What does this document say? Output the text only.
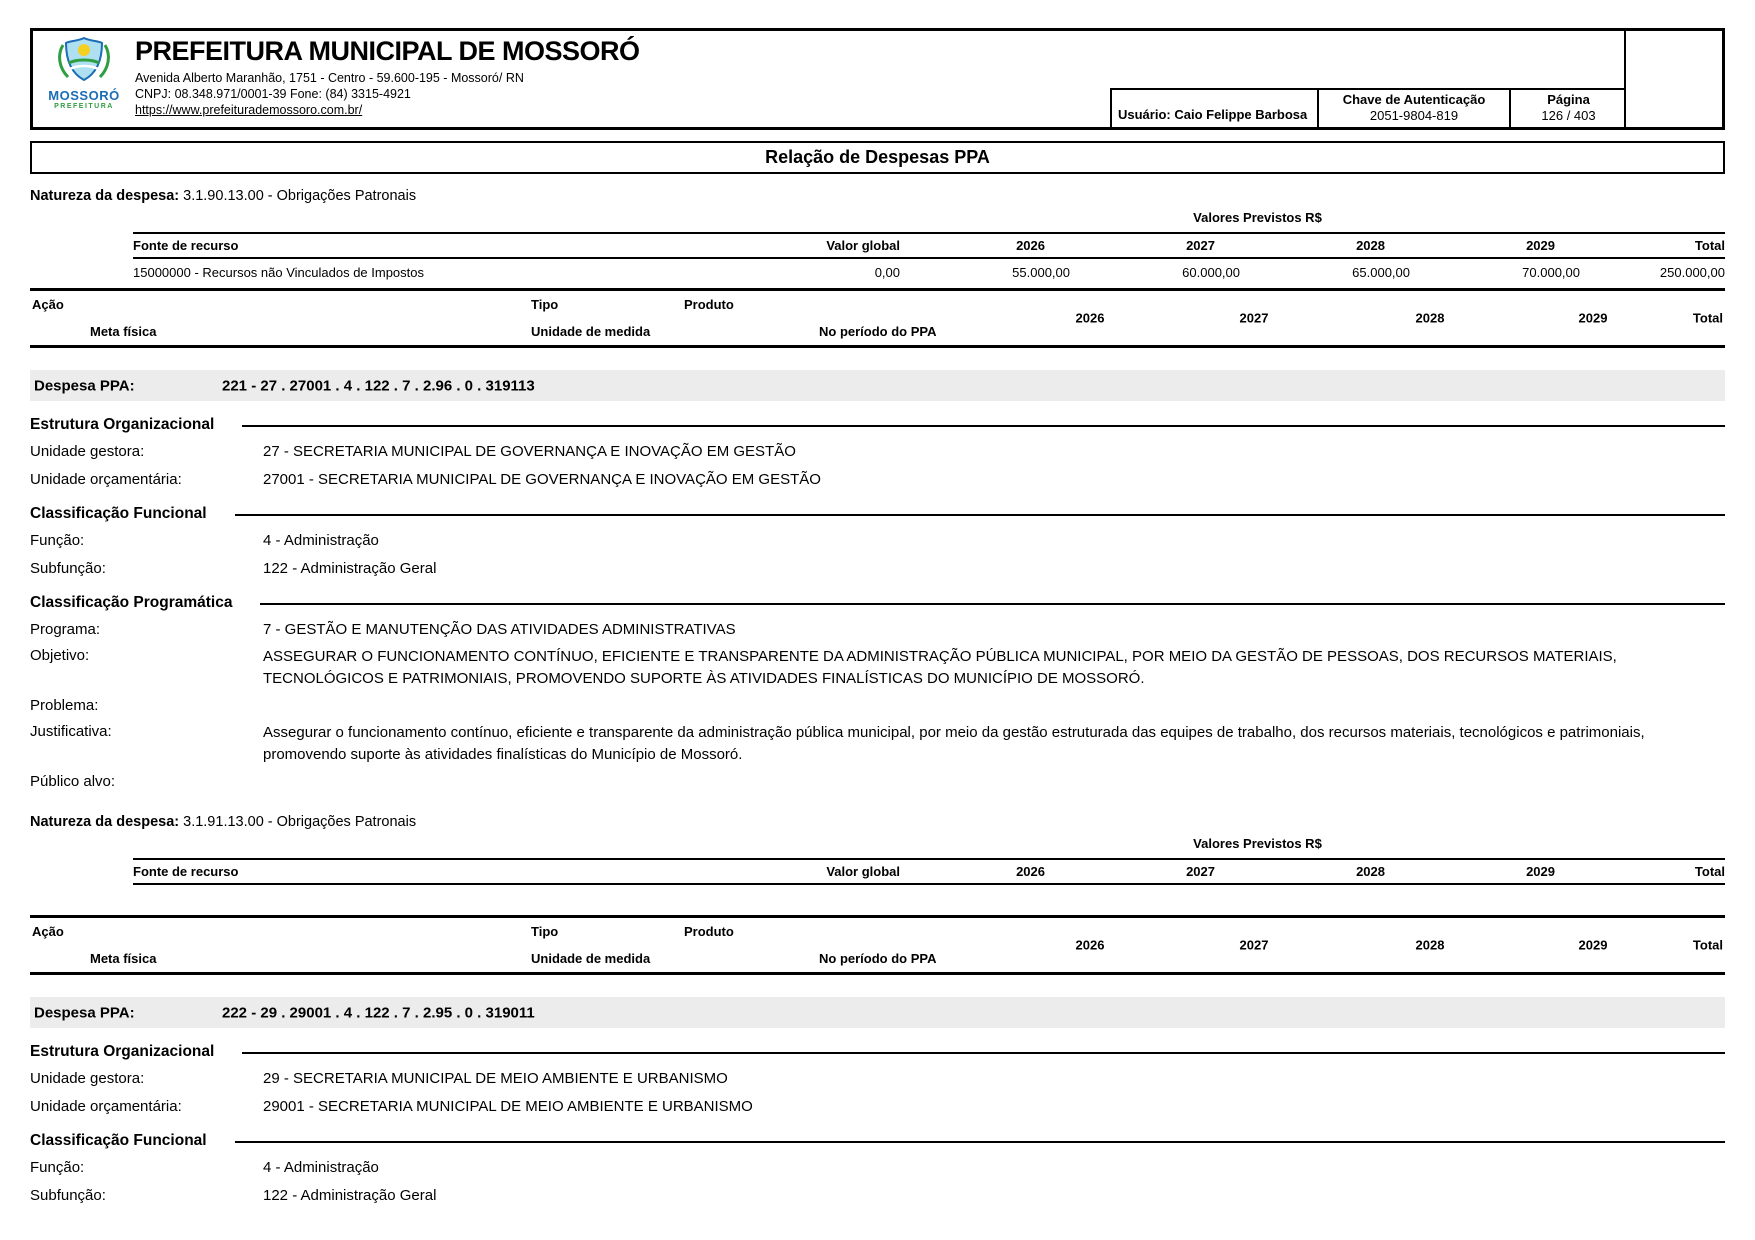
MOSSORÓ
PREFEITURA
PREFEITURA MUNICIPAL DE MOSSORÓ
Avenida Alberto Maranhão, 1751 - Centro - 59.600-195 - Mossoró/ RN
CNPJ: 08.348.971/0001-39 Fone: (84) 3315-4921
https://www.prefeiturademossoro.com.br/	Usuário: Caio Felippe Barbosa
Chave de Autenticação
2051-9804-819
Página
126 / 403
Relação de Despesas PPA
Natureza da despesa: 3.1.90.13.00 - Obrigações Patronais
Valores Previstos R$
Fonte de recurso	Valor global	2026	2027	2028	2029	Total
15000000 - Recursos não Vinculados de Impostos	0,00	55.000,00	60.000,00	65.000,00	70.000,00	250.000,00
Ação	Tipo	Produto
Meta física	Unidade de medida	No período do PPA
2026	2027	2028	2029	Total
Despesa PPA:	221 - 27 . 27001 . 4 . 122 . 7 . 2.96 . 0 . 319113
Estrutura Organizacional
Unidade gestora:	27 - SECRETARIA MUNICIPAL DE GOVERNANÇA E INOVAÇÃO EM GESTÃO
Unidade orçamentária:	27001 - SECRETARIA MUNICIPAL DE GOVERNANÇA E INOVAÇÃO EM GESTÃO
Classificação Funcional
Função:	4 - Administração
Subfunção:	122 - Administração Geral
Classificação Programática
Programa:	7 - GESTÃO E MANUTENÇÃO DAS ATIVIDADES ADMINISTRATIVAS
Objetivo:	ASSEGURAR O FUNCIONAMENTO CONTÍNUO, EFICIENTE E TRANSPARENTE DA ADMINISTRAÇÃO PÚBLICA MUNICIPAL, POR MEIO DA GESTÃO DE PESSOAS, DOS RECURSOS MATERIAIS, TECNOLÓGICOS E PATRIMONIAIS, PROMOVENDO SUPORTE ÀS ATIVIDADES FINALÍSTICAS DO MUNICÍPIO DE MOSSORÓ.
Problema:
Justificativa:	Assegurar o funcionamento contínuo, eficiente e transparente da administração pública municipal, por meio da gestão estruturada das equipes de trabalho, dos recursos materiais, tecnológicos e patrimoniais, promovendo suporte às atividades finalísticas do Município de Mossoró.
Público alvo:
Natureza da despesa: 3.1.91.13.00 - Obrigações Patronais
Valores Previstos R$
Fonte de recurso	Valor global	2026	2027	2028	2029	Total
Ação	Tipo	Produto
Meta física	Unidade de medida	No período do PPA
2026	2027	2028	2029	Total
Despesa PPA:	222 - 29 . 29001 . 4 . 122 . 7 . 2.95 . 0 . 319011
Estrutura Organizacional
Unidade gestora:	29 - SECRETARIA MUNICIPAL DE MEIO AMBIENTE E URBANISMO
Unidade orçamentária:	29001 - SECRETARIA MUNICIPAL DE MEIO AMBIENTE E URBANISMO
Classificação Funcional
Função:	4 - Administração
Subfunção:	122 - Administração Geral
